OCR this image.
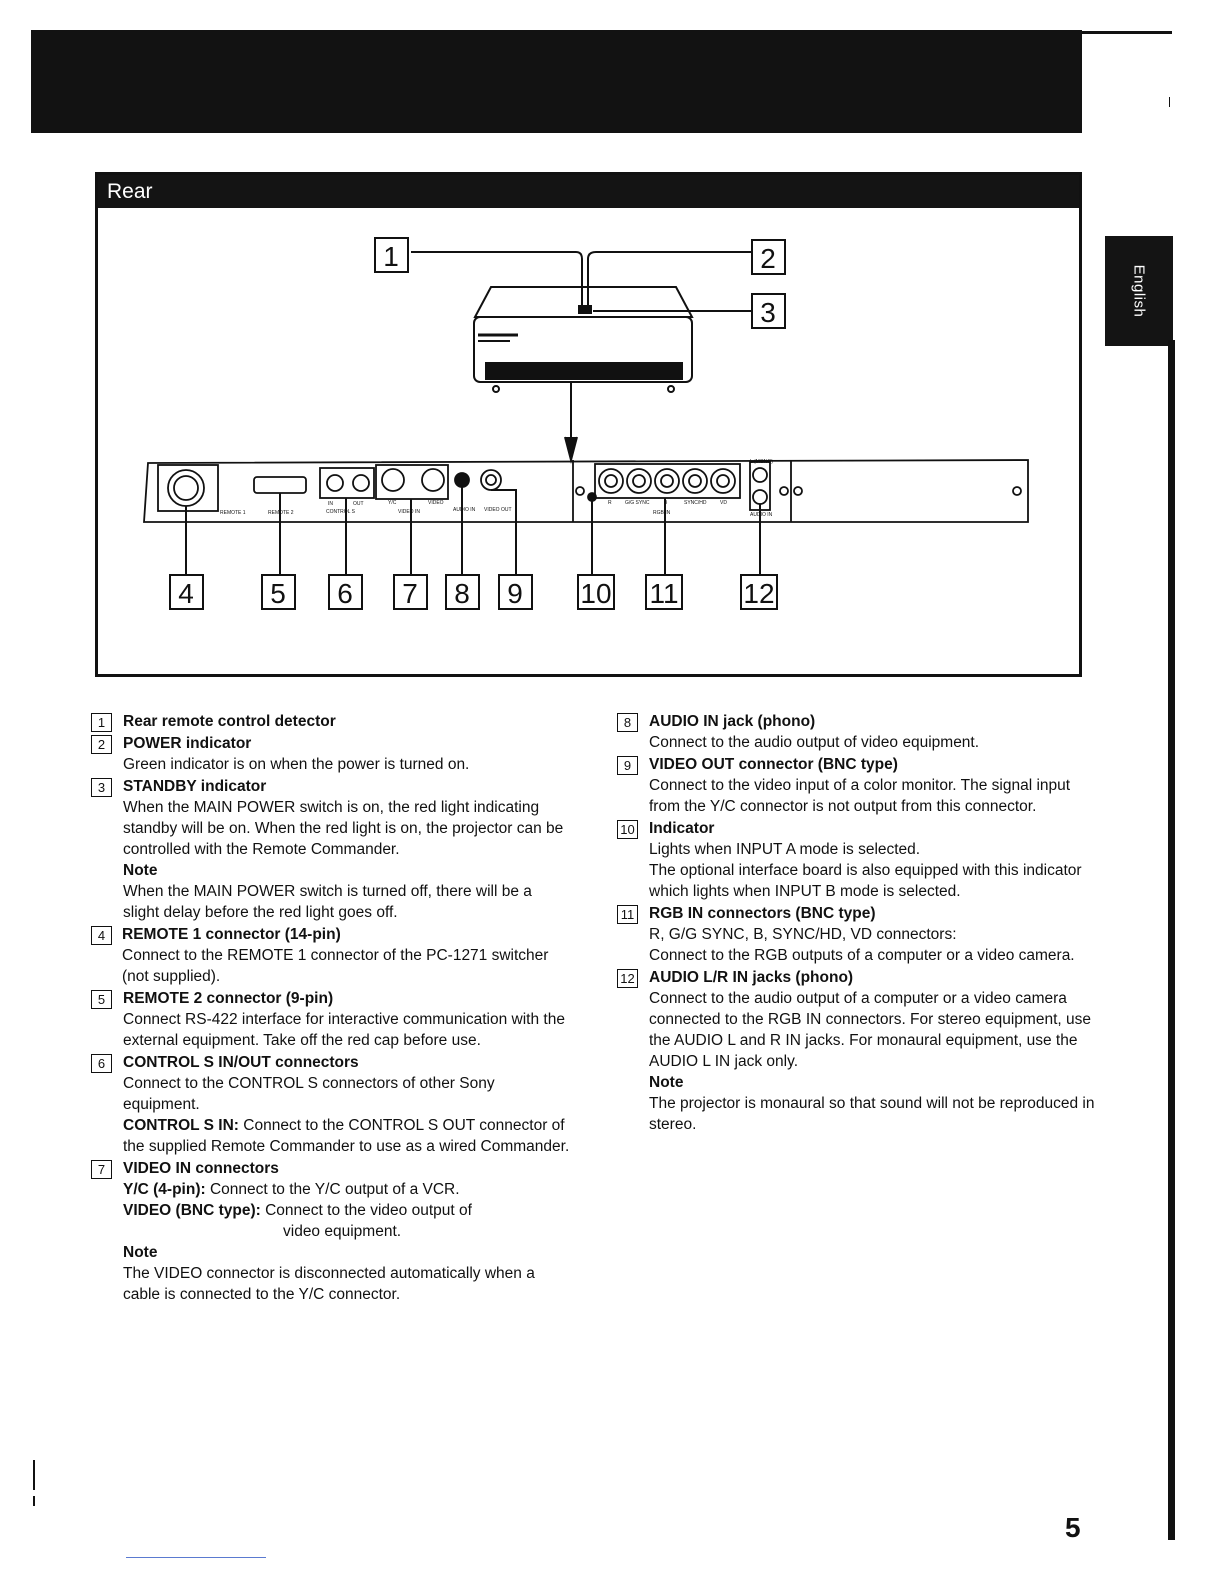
English
Rear
REMOTE 1	REMOTE 2
IN	OUT
CONTROL S
Y/C	VIDEO
VIDEO IN	AUDIO IN VIDEO OUT
R	G/G SYNC	B	SYNC/HD	VD
RGB IN
L (MONO)
AUDIO IN
1	2
3
4	5 6 7 8 9 10 11 12
1	Rear remote control detector
2	POWER indicator
Green indicator is on when the power is turned on.
3	STANDBY indicator
When the MAIN POWER switch is on, the red light indicating standby will be on. When the red light is on, the projector can be controlled with the Remote Commander.
Note
When the MAIN POWER switch is turned off, there will be a slight delay before the red light goes off.
4	REMOTE 1 connector (14-pin)
Connect to the REMOTE 1 connector of the PC-1271 switcher (not supplied).
5	REMOTE 2 connector (9-pin)
Connect RS-422 interface for interactive communication with the external equipment. Take off the red cap before use.
6	CONTROL S IN/OUT connectors
Connect to the CONTROL S connectors of other Sony equipment.
CONTROL S IN: Connect to the CONTROL S OUT connector of the supplied Remote Commander to use as a wired Commander.
7	VIDEO IN connectors
Y/C (4-pin): Connect to the Y/C output of a VCR.
VIDEO (BNC type): Connect to the video output of
video equipment.
Note
The VIDEO connector is disconnected automatically when a cable is connected to the Y/C connector.
8	AUDIO IN jack (phono)
Connect to the audio output of video equipment.
9	VIDEO OUT connector (BNC type)
Connect to the video input of a color monitor. The signal input from the Y/C connector is not output from this connector.
10 Indicator
Lights when INPUT A mode is selected.
The optional interface board is also equipped with this indicator which lights when INPUT B mode is selected.
11 RGB IN connectors (BNC type)
R, G/G SYNC, B, SYNC/HD, VD connectors:
Connect to the RGB outputs of a computer or a video camera.
12 AUDIO L/R IN jacks (phono)
Connect to the audio output of a computer or a video camera connected to the RGB IN connectors. For stereo equipment, use the AUDIO L and R IN jacks. For monaural equipment, use the AUDIO L IN jack only.
Note
The projector is monaural so that sound will not be reproduced in stereo.
5
